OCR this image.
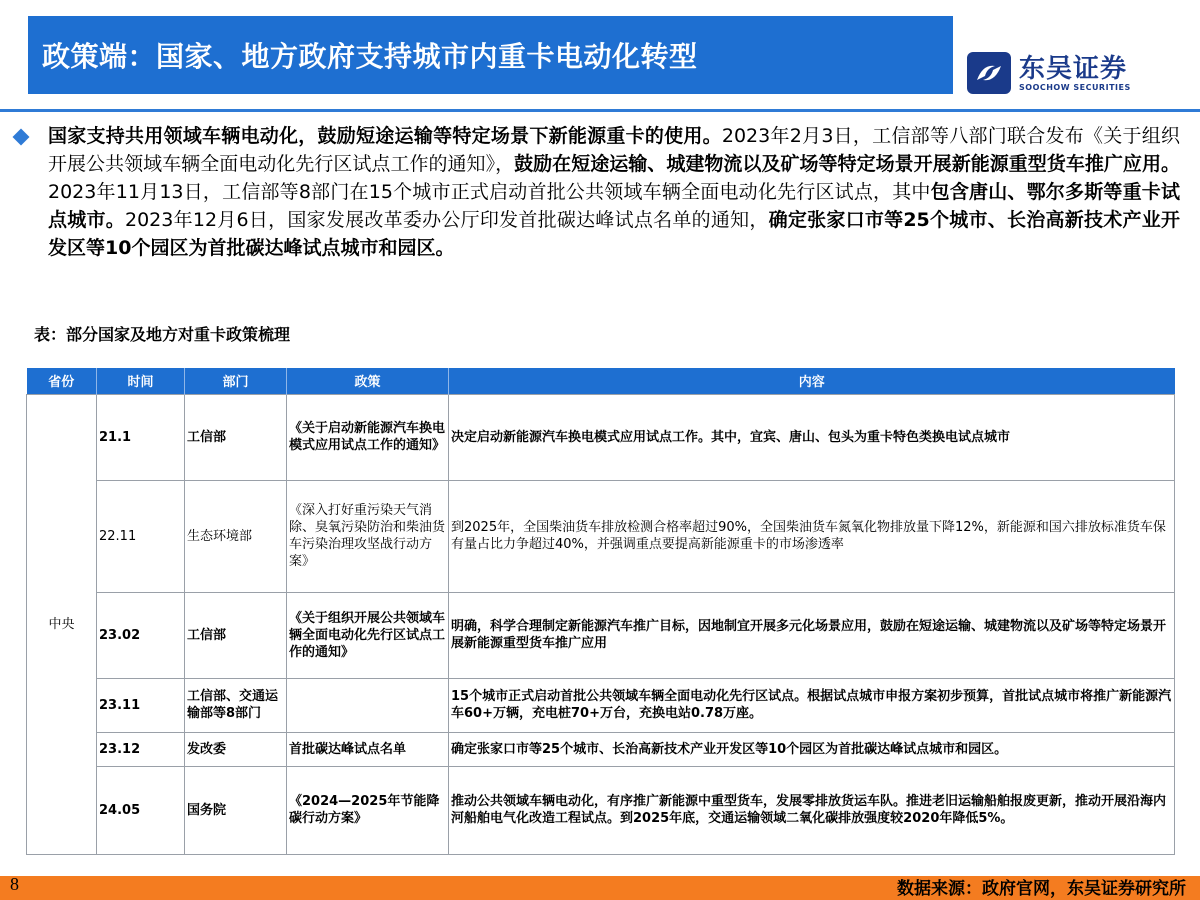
政策端：国家、地方政府支持城市内重卡电动化转型	东吴证券
SOOCHOW SECURITIES
国家支持共用领域车辆电动化，鼓励短途运输等特定场景下新能源重卡的使用。2023年2月3日，工信部等八部门联合发布《关于组织开展公共领域车辆全面电动化先行区试点工作的通知》，鼓励在短途运输、城建物流以及矿场等特定场景开展新能源重型货车推广应用。2023年11月13日，工信部等8部门在15个城市正式启动首批公共领域车辆全面电动化先行区试点，其中包含唐山、鄂尔多斯等重卡试点城市。2023年12月6日，国家发展改革委办公厅印发首批碳达峰试点名单的通知，确定张家口市等25个城市、长治高新技术产业开发区等10个园区为首批碳达峰试点城市和园区。
表：部分国家及地方对重卡政策梳理
省份	时间	部门	政策	内容
中央	21.1	工信部	《关于启动新能源汽车换电模式应用试点工作的通知》	决定启动新能源汽车换电模式应用试点工作。其中，宜宾、唐山、包头为重卡特色类换电试点城市
	22.11	生态环境部	《深入打好重污染天气消除、臭氧污染防治和柴油货车污染治理攻坚战行动方案》	到2025年，全国柴油货车排放检测合格率超过90%，全国柴油货车氮氧化物排放量下降12%，新能源和国六排放标准货车保有量占比力争超过40%，并强调重点要提高新能源重卡的市场渗透率
	23.02	工信部	《关于组织开展公共领域车辆全面电动化先行区试点工作的通知》	明确，科学合理制定新能源汽车推广目标，因地制宜开展多元化场景应用，鼓励在短途运输、城建物流以及矿场等特定场景开展新能源重型货车推广应用
	23.11	工信部、交通运输部等8部门		15个城市正式启动首批公共领域车辆全面电动化先行区试点。根据试点城市申报方案初步预算，首批试点城市将推广新能源汽车60+万辆，充电桩70+万台，充换电站0.78万座。
	23.12	发改委	首批碳达峰试点名单	确定张家口市等25个城市、长治高新技术产业开发区等10个园区为首批碳达峰试点城市和园区。
	24.05	国务院	《2024—2025年节能降碳行动方案》	推动公共领域车辆电动化，有序推广新能源中重型货车，发展零排放货运车队。推进老旧运输船舶报废更新，推动开展沿海内河船舶电气化改造工程试点。到2025年底，交通运输领域二氧化碳排放强度较2020年降低5%。
8	数据来源：政府官网，东吴证券研究所
